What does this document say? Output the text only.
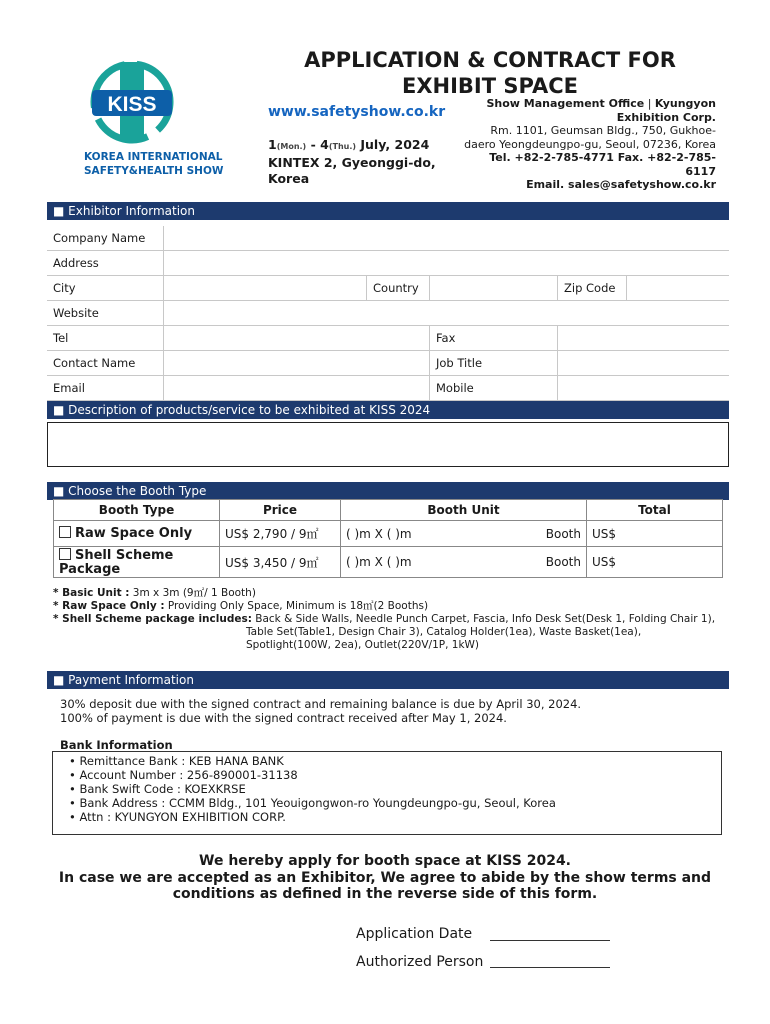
KISS
KOREA INTERNATIONAL
SAFETY&HEALTH SHOW
APPLICATION & CONTRACT FOR
EXHIBIT SPACE
www.safetyshow.co.kr
1(Mon.) - 4(Thu.) July, 2024
KINTEX 2, Gyeonggi-do, Korea
Show Management Office | Kyungyon Exhibition Corp.
Rm. 1101, Geumsan Bldg., 750, Gukhoe-daero Yeongdeungpo-gu, Seoul, 07236, Korea
Tel. +82-2-785-4771 Fax. +82-2-785-6117
Email. sales@safetyshow.co.kr
■ Exhibitor Information
Company Name					
Address					
City		Country		Zip Code	
Website					
Tel			Fax		
Contact Name			Job Title		
Email			Mobile		
■ Description of products/service to be exhibited at KISS 2024
■ Choose the Booth Type
Booth Type	Price	Booth Unit		Total
Raw Space Only	US$ 2,790 / 9㎡	( )m X ( )m	Booth	US$
Shell Scheme Package	US$ 3,450 / 9㎡	( )m X ( )m	Booth	US$
* Basic Unit : 3m x 3m (9㎡/ 1 Booth)
* Raw Space Only : Providing Only Space, Minimum is 18㎡(2 Booths)
* Shell Scheme package includes: Back & Side Walls, Needle Punch Carpet, Fascia, Info Desk Set(Desk 1, Folding Chair 1),
Table Set(Table1, Design Chair 3), Catalog Holder(1ea), Waste Basket(1ea),
Spotlight(100W, 2ea), Outlet(220V/1P, 1kW)
■ Payment Information
30% deposit due with the signed contract and remaining balance is due by April 30, 2024.
100% of payment is due with the signed contract received after May 1, 2024.
Bank Information
• Remittance Bank : KEB HANA BANK
• Account Number : 256-890001-31138
• Bank Swift Code : KOEXKRSE
• Bank Address : CCMM Bldg., 101 Yeouigongwon-ro Youngdeungpo-gu, Seoul, Korea
• Attn : KYUNGYON EXHIBITION CORP.
We hereby apply for booth space at KISS 2024.
In case we are accepted as an Exhibitor, We agree to abide by the show terms and
conditions as defined in the reverse side of this form.
Application Date
Authorized Person
